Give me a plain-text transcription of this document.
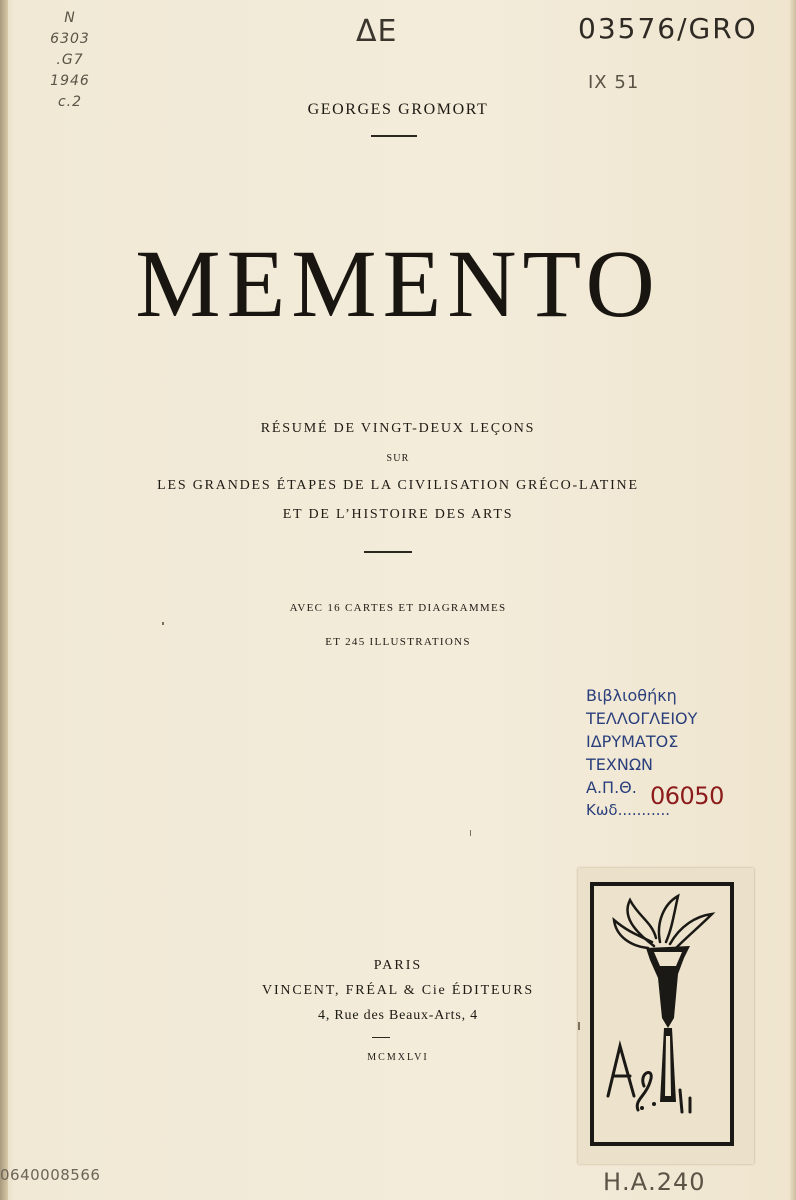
N
6303
.G7
1946
c.2
ΔΕ	03576/GRO
IX 51
GEORGES GROMORT
MEMENTO
RÉSUMÉ DE VINGT-DEUX LEÇONS
SUR
LES GRANDES ÉTAPES DE LA CIVILISATION GRÉCO-LATINE
ET DE L’HISTOIRE DES ARTS
AVEC 16 CARTES ET DIAGRAMMES
ET 245 ILLUSTRATIONS
Βιβλιοθήκη
ΤΕΛΛΟΓΛΕΙΟΥ
ΙΔΡΥΜΑΤΟΣ
ΤΕΧΝΩΝ
Α.Π.Θ.
Κωδ...........
06050
PARIS
VINCENT, FRÉAL & Cie ÉDITEURS
4, Rue des Beaux-Arts, 4
MCMXLVI
0640008566	Η.Α.240
